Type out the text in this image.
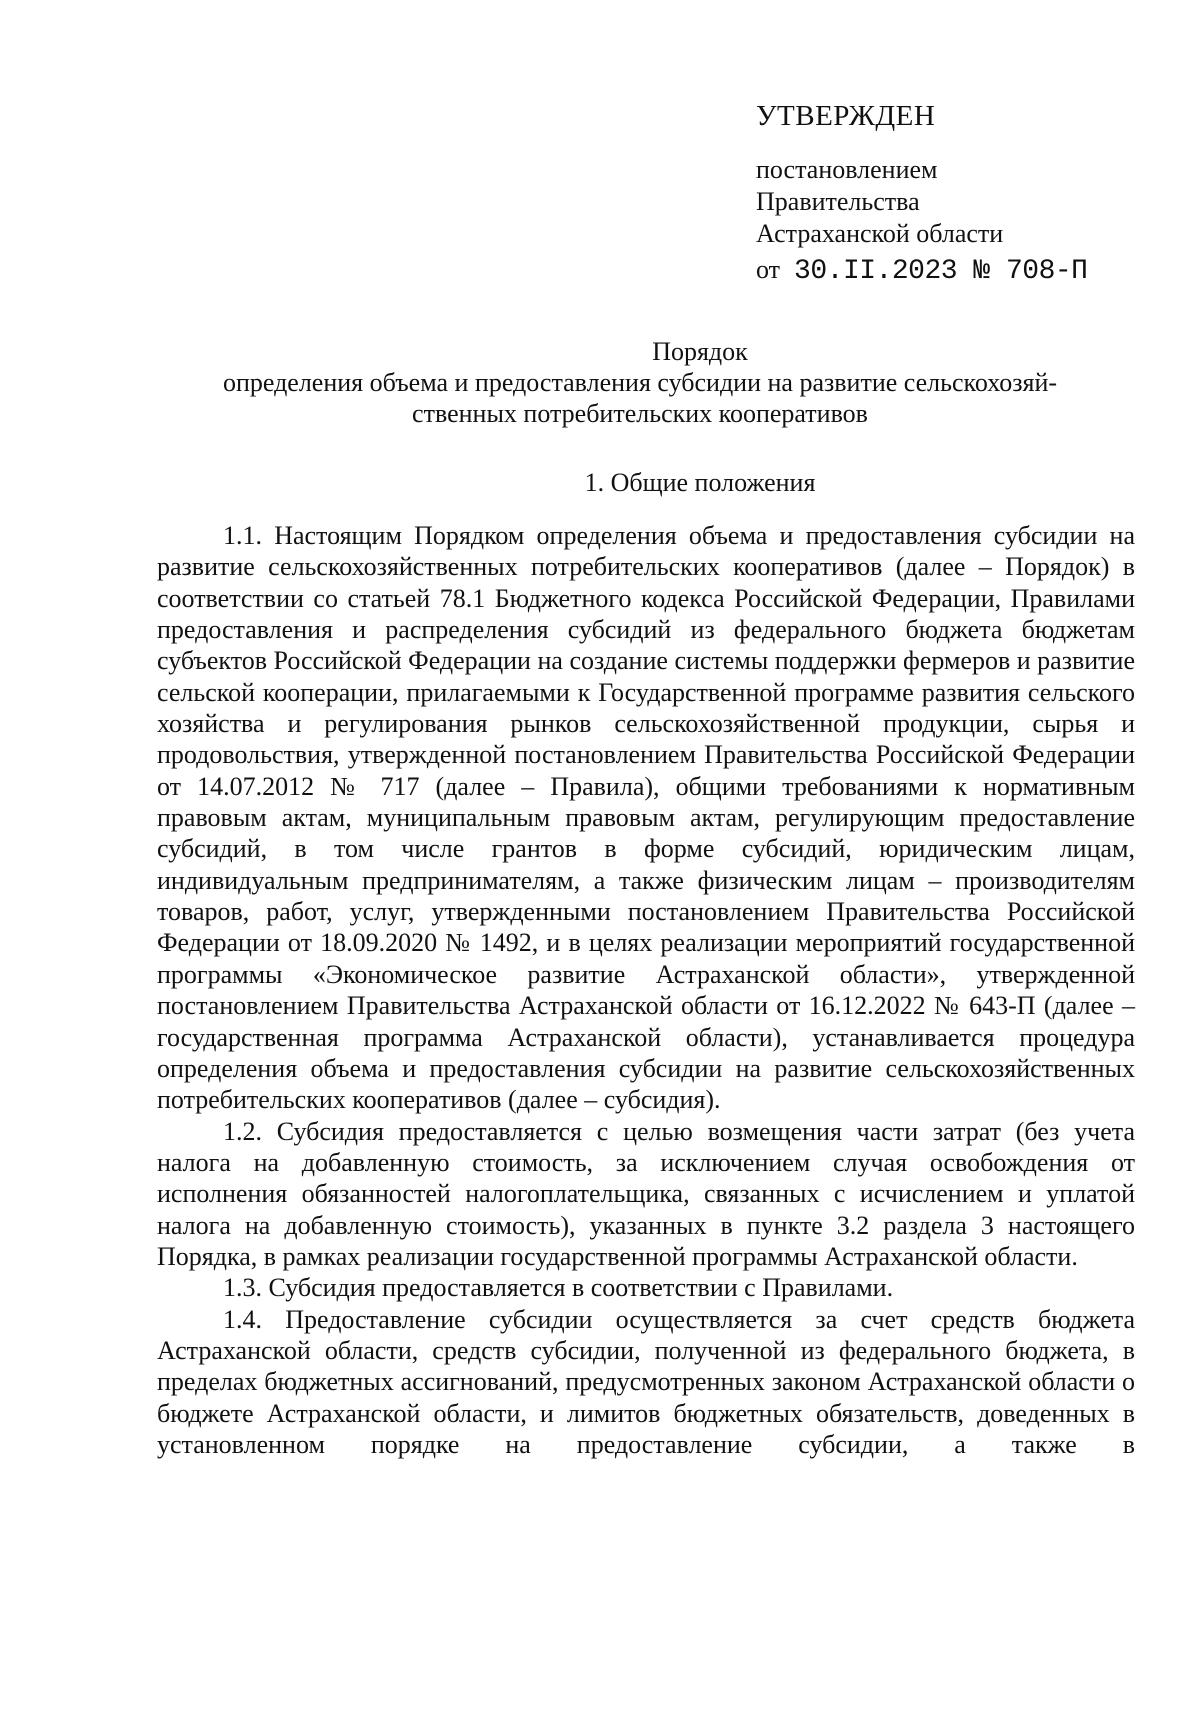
УТВЕРЖДЕН
постановлением
Правительства
Астраханской области
от 30.II.2023 № 708-П
Порядок
определения объема и предоставления субсидии на развитие сельскохозяй-
ственных потребительских кооперативов
1. Общие положения

1.1. Настоящим Порядком определения объема и предоставления субсидии на развитие сельскохозяйственных потребительских кооперативов (далее – Порядок) в соответствии со статьей 78.1 Бюджетного кодекса Российской Федерации, Правилами предоставления и распределения субсидий из федерального бюджета бюджетам субъектов Российской Федерации на создание системы поддержки фермеров и развитие сельской кооперации, прилагаемыми к Государственной программе развития сельского хозяйства и регулирования рынков сельскохозяйственной продукции, сырья и продовольствия, утвержденной постановлением Правительства Российской Федерации от 14.07.2012 № 717 (далее – Правила), общими требованиями к нормативным правовым актам, муниципальным правовым актам, регулирующим предоставление субсидий, в том числе грантов в форме субсидий, юридическим лицам, индивидуальным предпринимателям, а также физическим лицам – производителям товаров, работ, услуг, утвержденными постановлением Правительства Российской Федерации от 18.09.2020 № 1492, и в целях реализации мероприятий государственной программы «Экономическое развитие Астраханской области», утвержденной постановлением Правительства Астраханской области от 16.12.2022 № 643-П (далее – государственная программа Астраханской области), устанавливается процедура определения объема и предоставления субсидии на развитие сельскохозяйственных потребительских кооперативов (далее – субсидия).

1.2. Субсидия предоставляется с целью возмещения части затрат (без учета налога на добавленную стоимость, за исключением случая освобождения от исполнения обязанностей налогоплательщика, связанных с исчислением и уплатой налога на добавленную стоимость), указанных в пункте 3.2 раздела 3 настоящего Порядка, в рамках реализации государственной программы Астраханской области.

1.3. Субсидия предоставляется в соответствии с Правилами.

1.4. Предоставление субсидии осуществляется за счет средств бюджета Астраханской области, средств субсидии, полученной из федерального бюджета, в пределах бюджетных ассигнований, предусмотренных законом Астраханской области о бюджете Астраханской области, и лимитов бюджетных обязательств, доведенных в установленном порядке на предоставление субсидии, а также в
